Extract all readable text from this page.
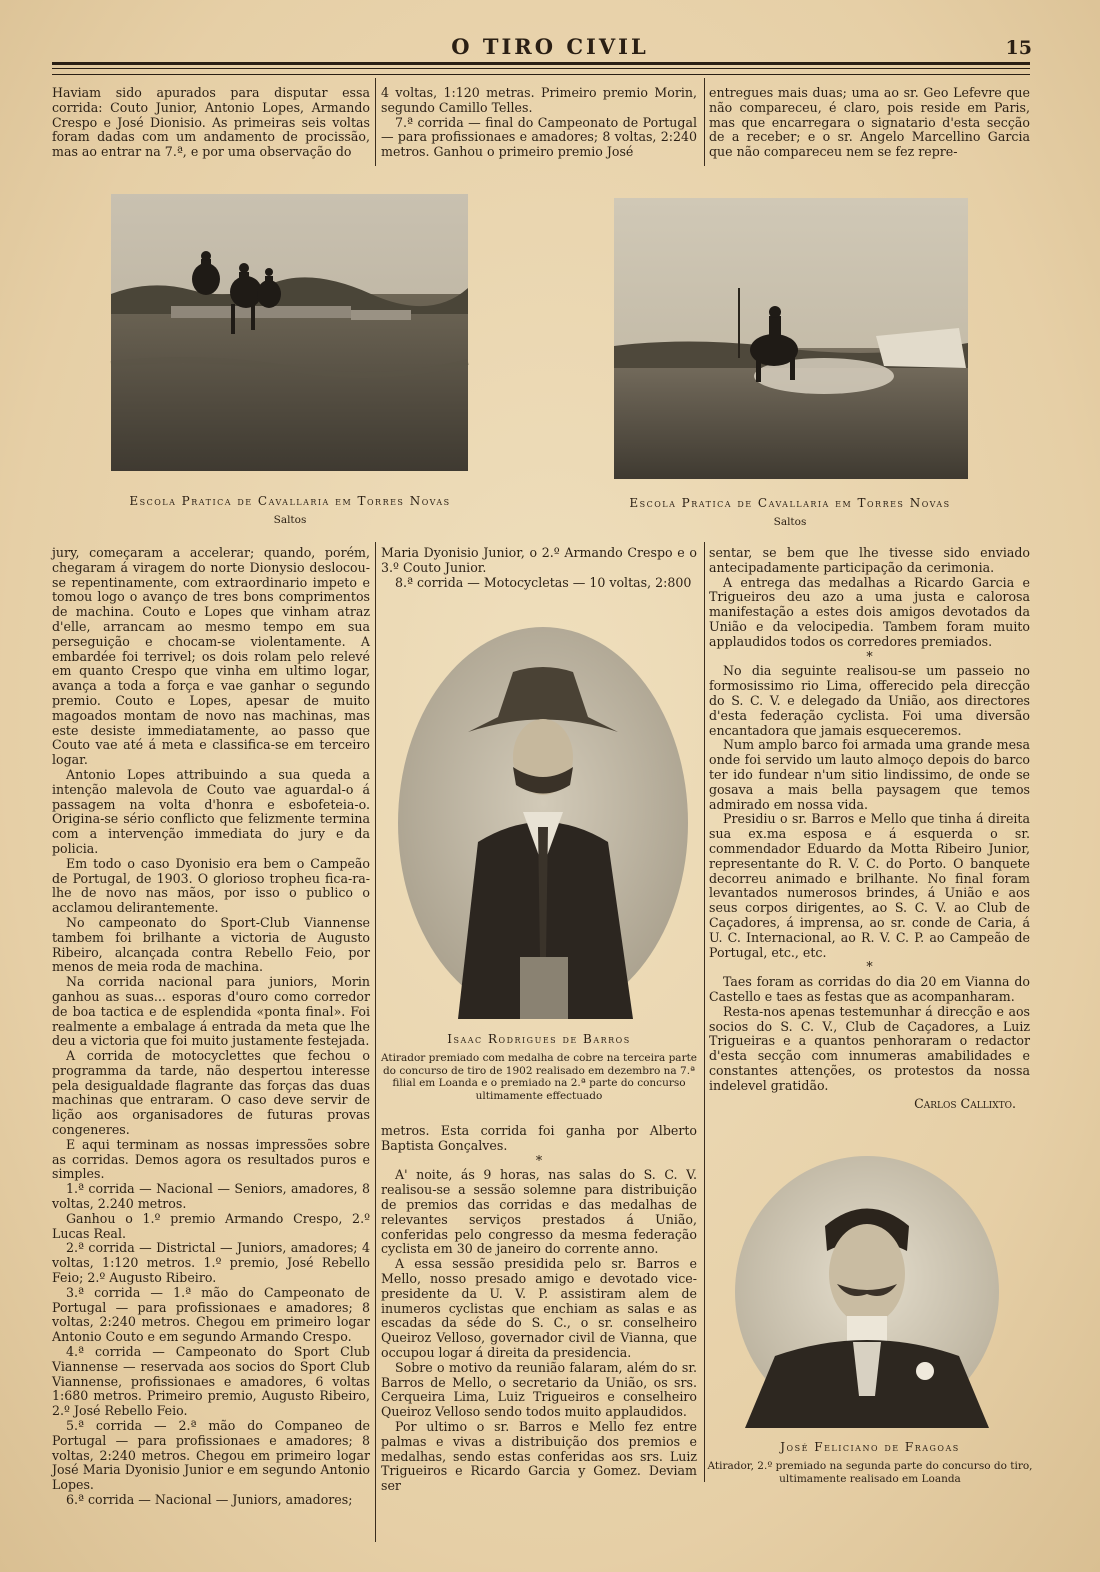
O TIRO CIVIL	15

Haviam sido apurados para disputar essa corrida: Couto Junior, Antonio Lopes, Armando Crespo e José Dionisio. As primeiras seis voltas foram dadas com um andamento de procissão, mas ao entrar na 7.ª, e por uma observação do

4 voltas, 1:120 metras. Primeiro premio Morin, segundo Camillo Telles.

7.ª corrida — final do Campeonato de Portugal — para profissionaes e amadores; 8 voltas, 2:240 metros. Ganhou o primeiro premio José

entregues mais duas; uma ao sr. Geo Lefevre que não compareceu, é claro, pois reside em Paris, mas que encarregara o signatario d'esta secção de a receber; e o sr. Angelo Marcellino Garcia que não compareceu nem se fez repre-

Escola Pratica de Cavallaria em Torres Novas
Saltos
Escola Pratica de Cavallaria em Torres Novas
Saltos

jury, começaram a accelerar; quando, porém, chegaram á viragem do norte Dionysio deslocou-se repentinamente, com extraordinario impeto e tomou logo o avanço de tres bons comprimentos de machina. Couto e Lopes que vinham atraz d'elle, arrancam ao mesmo tempo em sua perseguição e chocam-se violentamente. A embardée foi terrivel; os dois rolam pelo relevé em quanto Crespo que vinha em ultimo logar, avança a toda a força e vae ganhar o segundo premio. Couto e Lopes, apesar de muito magoados montam de novo nas machinas, mas este desiste immediatamente, ao passo que Couto vae até á meta e classifica-se em terceiro logar.

Antonio Lopes attribuindo a sua queda a intenção malevola de Couto vae aguardal-o á passagem na volta d'honra e esbofeteia-o. Origina-se sério conflicto que felizmente termina com a intervenção immediata do jury e da policia.

Em todo o caso Dyonisio era bem o Campeão de Portugal, de 1903. O glorioso tropheu fica-ra-lhe de novo nas mãos, por isso o publico o acclamou delirantemente.

No campeonato do Sport-Club Viannense tambem foi brilhante a victoria de Augusto Ribeiro, alcançada contra Rebello Feio, por menos de meia roda de machina.

Na corrida nacional para juniors, Morin ganhou as suas... esporas d'ouro como corredor de boa tactica e de esplendida «ponta final». Foi realmente a embalage á entrada da meta que lhe deu a victoria que foi muito justamente festejada.

A corrida de motocyclettes que fechou o programma da tarde, não despertou interesse pela desigualdade flagrante das forças das duas machinas que entraram. O caso deve servir de lição aos organisadores de futuras provas congeneres.

E aqui terminam as nossas impressões sobre as corridas. Demos agora os resultados puros e simples.

1.ª corrida — Nacional — Seniors, amadores, 8 voltas, 2.240 metros.

Ganhou o 1.º premio Armando Crespo, 2.º Lucas Real.

2.ª corrida — Districtal — Juniors, amadores; 4 voltas, 1:120 metros. 1.º premio, José Rebello Feio; 2.º Augusto Ribeiro.

3.ª corrida — 1.ª mão do Campeonato de Portugal — para profissionaes e amadores; 8 voltas, 2:240 metros. Chegou em primeiro logar Antonio Couto e em segundo Armando Crespo.

4.ª corrida — Campeonato do Sport Club Viannense — reservada aos socios do Sport Club Viannense, profissionaes e amadores, 6 voltas 1:680 metros. Primeiro premio, Augusto Ribeiro, 2.º José Rebello Feio.

5.ª corrida — 2.ª mão do Companeo de Portugal — para profissionaes e amadores; 8 voltas, 2:240 metros. Chegou em primeiro logar José Maria Dyonisio Junior e em segundo Antonio Lopes.

6.ª corrida — Nacional — Juniors, amadores;

Maria Dyonisio Junior, o 2.º Armando Crespo e o 3.º Couto Junior.

8.ª corrida — Motocycletas — 10 voltas, 2:800

Isaac Rodrigues de Barros
Atirador premiado com medalha de cobre na terceira parte do concurso de tiro de 1902 realisado em dezembro na 7.ª filial em Loanda e o premiado na 2.ª parte do concurso ultimamente effectuado

metros. Esta corrida foi ganha por Alberto Baptista Gonçalves.

*

A' noite, ás 9 horas, nas salas do S. C. V. realisou-se a sessão solemne para distribuição de premios das corridas e das medalhas de relevantes serviços prestados á União, conferidas pelo congresso da mesma federação cyclista em 30 de janeiro do corrente anno.

A essa sessão presidida pelo sr. Barros e Mello, nosso presado amigo e devotado vice-presidente da U. V. P. assistiram alem de inumeros cyclistas que enchiam as salas e as escadas da séde do S. C., o sr. conselheiro Queiroz Velloso, governador civil de Vianna, que occupou logar á direita da presidencia.

Sobre o motivo da reunião falaram, além do sr. Barros de Mello, o secretario da União, os srs. Cerqueira Lima, Luiz Trigueiros e conselheiro Queiroz Velloso sendo todos muito applaudidos.

Por ultimo o sr. Barros e Mello fez entre palmas e vivas a distribuição dos premios e medalhas, sendo estas conferidas aos srs. Luiz Trigueiros e Ricardo Garcia y Gomez. Deviam ser

sentar, se bem que lhe tivesse sido enviado antecipadamente participação da cerimonia.

A entrega das medalhas a Ricardo Garcia e Trigueiros deu azo a uma justa e calorosa manifestação a estes dois amigos devotados da União e da velocipedia. Tambem foram muito applaudidos todos os corredores premiados.

*

No dia seguinte realisou-se um passeio no formosissimo rio Lima, offerecido pela direcção do S. C. V. e delegado da União, aos directores d'esta federação cyclista. Foi uma diversão encantadora que jamais esqueceremos.

Num amplo barco foi armada uma grande mesa onde foi servido um lauto almoço depois do barco ter ido fundear n'um sitio lindissimo, de onde se gosava a mais bella paysagem que temos admirado em nossa vida.

Presidiu o sr. Barros e Mello que tinha á direita sua ex.ma esposa e á esquerda o sr. commendador Eduardo da Motta Ribeiro Junior, representante do R. V. C. do Porto. O banquete decorreu animado e brilhante. No final foram levantados numerosos brindes, á União e aos seus corpos dirigentes, ao S. C. V. ao Club de Caçadores, á imprensa, ao sr. conde de Caria, á U. C. Internacional, ao R. V. C. P. ao Campeão de Portugal, etc., etc.

*

Taes foram as corridas do dia 20 em Vianna do Castello e taes as festas que as acompanharam.

Resta-nos apenas testemunhar á direcção e aos socios do S. C. V., Club de Caçadores, a Luiz Trigueiras e a quantos penhoraram o redactor d'esta secção com innumeras amabilidades e constantes attenções, os protestos da nossa indelevel gratidão.

Carlos Callixto.

José Feliciano de Fragoas
Atirador, 2.º premiado na segunda parte do concurso do tiro, ultimamente realisado em Loanda
